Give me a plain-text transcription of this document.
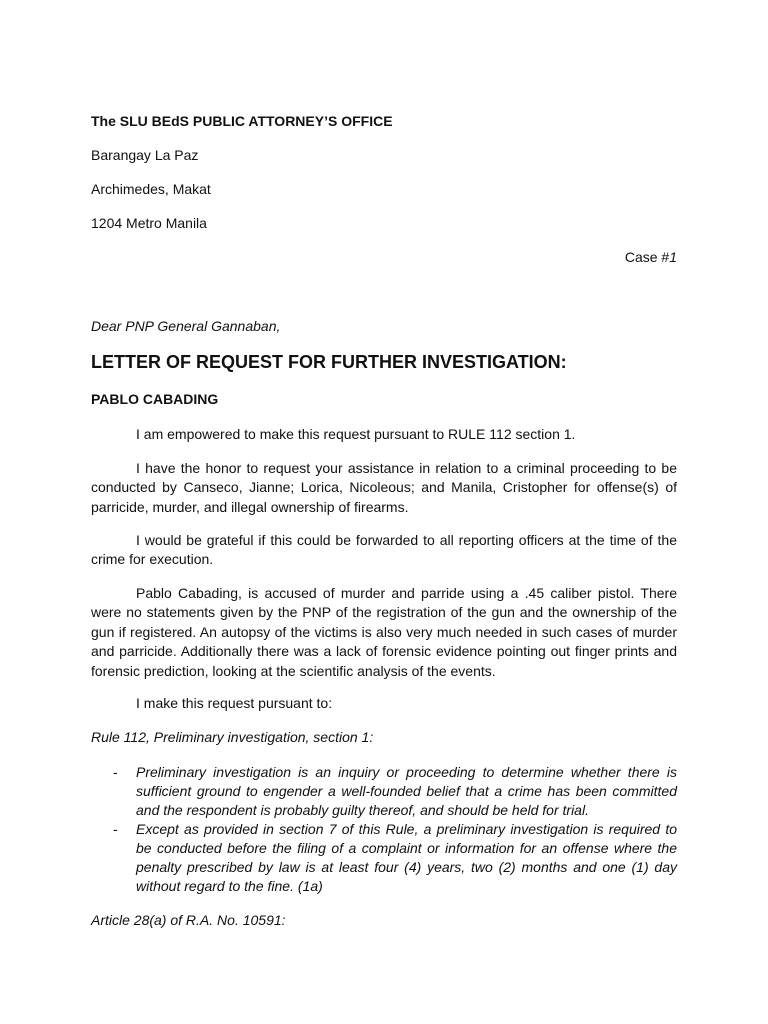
The SLU BEdS PUBLIC ATTORNEY’S OFFICE
Barangay La Paz
Archimedes, Makat
1204 Metro Manila
Case #1
Dear PNP General Gannaban,
LETTER OF REQUEST FOR FURTHER INVESTIGATION:
PABLO CABADING
I am empowered to make this request pursuant to RULE 112 section 1.
I have the honor to request your assistance in relation to a criminal proceeding to be conducted by Canseco, Jianne; Lorica, Nicoleous; and Manila, Cristopher for offense(s) of parricide, murder, and illegal ownership of firearms.
I would be grateful if this could be forwarded to all reporting officers at the time of the crime for execution.
Pablo Cabading, is accused of murder and parride using a .45 caliber pistol. There were no statements given by the PNP of the registration of the gun and the ownership of the gun if registered. An autopsy of the victims is also very much needed in such cases of murder and parricide. Additionally there was a lack of forensic evidence pointing out finger prints and forensic prediction, looking at the scientific analysis of the events.
I make this request pursuant to:
Rule 112, Preliminary investigation, section 1:
- Preliminary investigation is an inquiry or proceeding to determine whether there is sufficient ground to engender a well-founded belief that a crime has been committed and the respondent is probably guilty thereof, and should be held for trial.
- Except as provided in section 7 of this Rule, a preliminary investigation is required to be conducted before the filing of a complaint or information for an offense where the penalty prescribed by law is at least four (4) years, two (2) months and one (1) day without regard to the fine. (1a)
Article 28(a) of R.A. No. 10591:
